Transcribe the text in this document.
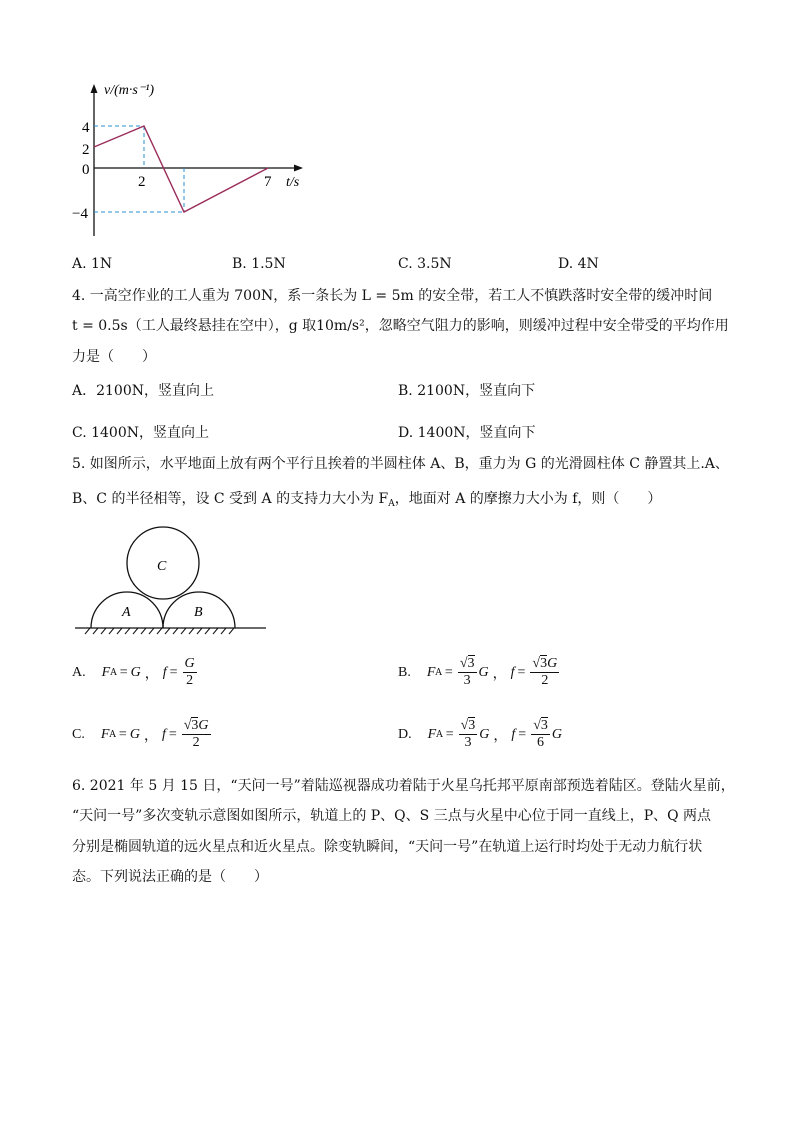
v/(m·s⁻¹)
t/s
4
2
0
−4
2	7
A. 1N	B. 1.5N	C. 3.5N	D. 4N
4. 一高空作业的工人重为 700N，系一条长为 L = 5m 的安全带，若工人不慎跌落时安全带的缓冲时间
t = 0.5s（工人最终悬挂在空中），g 取10m/s²，忽略空气阻力的影响，则缓冲过程中安全带受的平均作用
力是（　　）
A．2100N，竖直向上	B. 2100N，竖直向下
C. 1400N，竖直向上	D. 1400N，竖直向下
5. 如图所示，水平地面上放有两个平行且挨着的半圆柱体 A、B，重力为 G 的光滑圆柱体 C 静置其上.A、
B、C 的半径相等，设 C 受到 A 的支持力大小为 $F_A$，地面对 A 的摩擦力大小为 f，则（　　）
C
A	B
A. F A = G ， $f = \frac{G}{2}$	B. F $A = \frac{√3}{3}$ G ， $f = \frac{√3G}{2}$
C. F A = G ， $f = \frac{√3G}{2}$	D. F $A = \frac{√3}{3}$ G ， $f = \frac{√3}{6}$ G
6. 2021 年 5 月 15 日，“天问一号”着陆巡视器成功着陆于火星乌托邦平原南部预选着陆区。登陆火星前，
“天问一号”多次变轨示意图如图所示，轨道上的 P、Q、S 三点与火星中心位于同一直线上，P、Q 两点
分别是椭圆轨道的远火星点和近火星点。除变轨瞬间，“天问一号”在轨道上运行时均处于无动力航行状
态。下列说法正确的是（　　）
